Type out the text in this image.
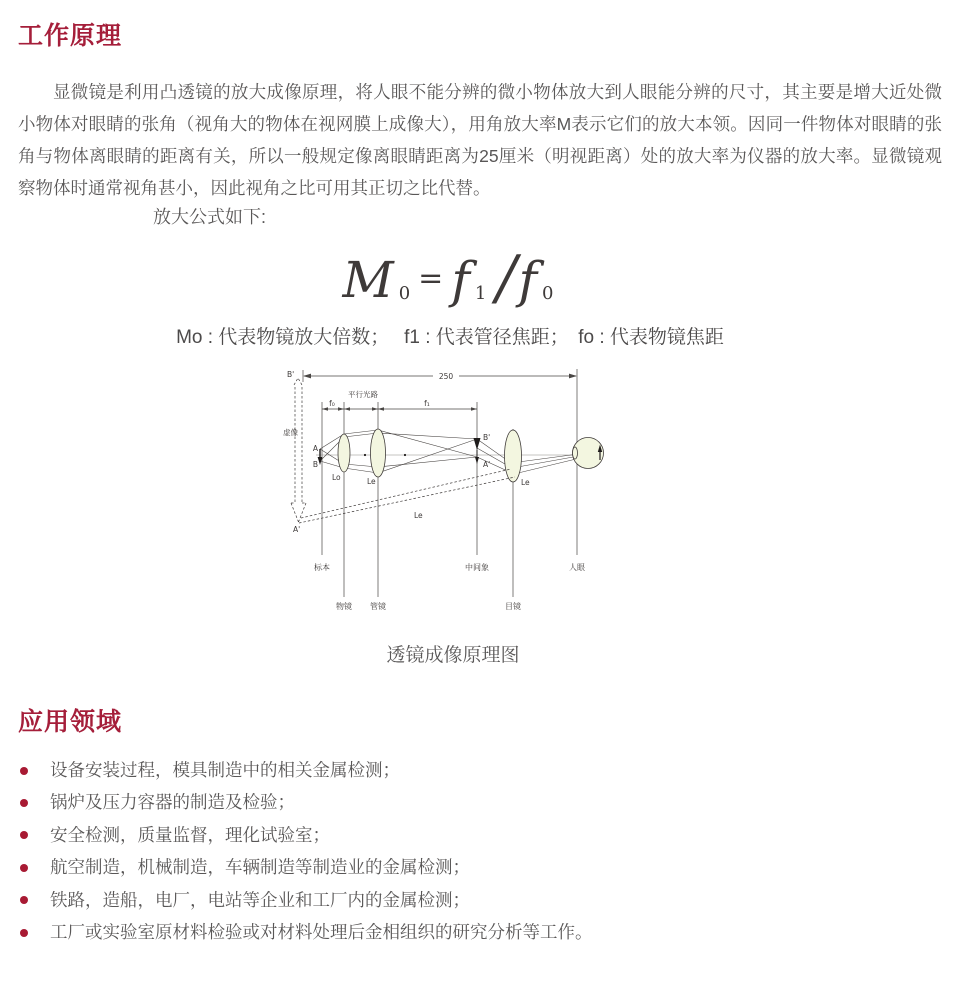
工作原理

显微镜是利用凸透镜的放大成像原理，将人眼不能分辨的微小物体放大到人眼能分辨的尺寸，其主要是增大近处微小物体对眼睛的张角（视角大的物体在视网膜上成像大），用角放大率M表示它们的放大本领。因同一件物体对眼睛的张角与物体离眼睛的距离有关，所以一般规定像离眼睛距离为25厘米（明视距离）处的放大率为仪器的放大率。显微镜观察物体时通常视角甚小，因此视角之比可用其正切之比代替。

放大公式如下:
M 0 = f 1 /f 0
Mo : 代表物镜放大倍数；　 f1 : 代表管径焦距；　fo : 代表物镜焦距
250
B'
A'
虚像
f₀	f₁
平行光路
A
B
B'
A'
Le
Lo	Le	Le
标本
物镜 管镜
中间象
目镜
人眼
透镜成像原理图
应用领域
设备安装过程，模具制造中的相关金属检测；
锅炉及压力容器的制造及检验；
安全检测，质量监督，理化试验室；
航空制造，机械制造，车辆制造等制造业的金属检测；
铁路，造船，电厂，电站等企业和工厂内的金属检测；
工厂或实验室原材料检验或对材料处理后金相组织的研究分析等工作。
